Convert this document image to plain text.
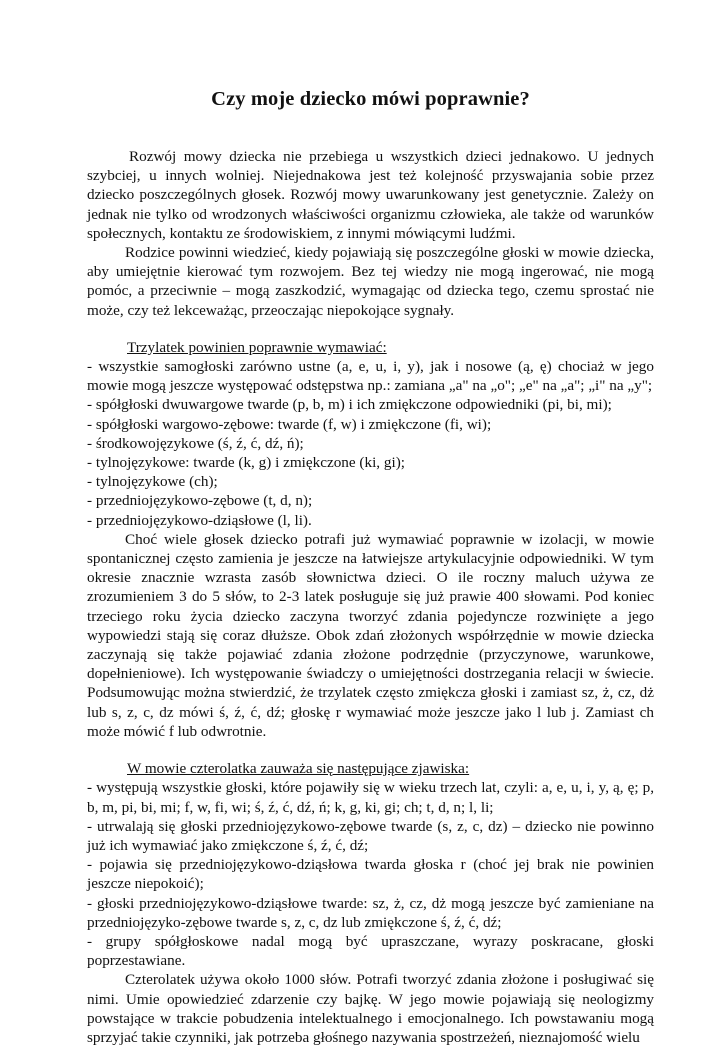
Czy moje dziecko mówi poprawnie?

Rozwój mowy dziecka nie przebiega u wszystkich dzieci jednakowo. U jednych szybciej, u innych wolniej. Niejednakowa jest też kolejność przyswajania sobie przez dziecko poszczególnych głosek. Rozwój mowy uwarunkowany jest genetycznie. Zależy on jednak nie tylko od wrodzonych właściwości organizmu człowieka, ale także od warunków społecznych, kontaktu ze środowiskiem, z innymi mówiącymi ludźmi.

Rodzice powinni wiedzieć, kiedy pojawiają się poszczególne głoski w mowie dziecka, aby umiejętnie kierować tym rozwojem. Bez tej wiedzy nie mogą ingerować, nie mogą pomóc, a przeciwnie – mogą zaszkodzić, wymagając od dziecka tego, czemu sprostać nie może, czy też lekceważąc, przeoczając niepokojące sygnały.

Trzylatek powinien poprawnie wymawiać:

- wszystkie samogłoski zarówno ustne (a, e, u, i, y), jak i nosowe (ą, ę) chociaż w jego mowie mogą jeszcze występować odstępstwa np.: zamiana „a" na „o"; „e" na „a"; „i" na „y";

- spółgłoski dwuwargowe twarde (p, b, m) i ich zmiękczone odpowiedniki (pi, bi, mi);

- spółgłoski wargowo-zębowe: twarde (f, w) i zmiękczone (fi, wi);

- środkowojęzykowe (ś, ź, ć, dź, ń);

- tylnojęzykowe: twarde (k, g) i zmiękczone (ki, gi);

- tylnojęzykowe (ch);

- przedniojęzykowo-zębowe (t, d, n);

- przedniojęzykowo-dziąsłowe (l, li).

Choć wiele głosek dziecko potrafi już wymawiać poprawnie w izolacji, w mowie spontanicznej często zamienia je jeszcze na łatwiejsze artykulacyjnie odpowiedniki. W tym okresie znacznie wzrasta zasób słownictwa dzieci. O ile roczny maluch używa ze zrozumieniem 3 do 5 słów, to 2-3 latek posługuje się już prawie 400 słowami. Pod koniec trzeciego roku życia dziecko zaczyna tworzyć zdania pojedyncze rozwinięte a jego wypowiedzi stają się coraz dłuższe. Obok zdań złożonych współrzędnie w mowie dziecka zaczynają się także pojawiać zdania złożone podrzędnie (przyczynowe, warunkowe, dopełnieniowe). Ich występowanie świadczy o umiejętności dostrzegania relacji w świecie. Podsumowując można stwierdzić, że trzylatek często zmiękcza głoski i zamiast sz, ż, cz, dż lub s, z, c, dz mówi ś, ź, ć, dź; głoskę r wymawiać może jeszcze jako l lub j. Zamiast ch może mówić f lub odwrotnie.

W mowie czterolatka zauważa się następujące zjawiska:

- występują wszystkie głoski, które pojawiły się w wieku trzech lat, czyli: a, e, u, i, y, ą, ę; p, b, m, pi, bi, mi; f, w, fi, wi; ś, ź, ć, dź, ń; k, g, ki, gi; ch; t, d, n; l, li;

- utrwalają się głoski przedniojęzykowo-zębowe twarde (s, z, c, dz) – dziecko nie powinno już ich wymawiać jako zmiękczone ś, ź, ć, dź;

- pojawia się przedniojęzykowo-dziąsłowa twarda głoska r (choć jej brak nie powinien jeszcze niepokoić);

- głoski przedniojęzykowo-dziąsłowe twarde: sz, ż, cz, dż mogą jeszcze być zamieniane na przedniojęzyko-zębowe twarde s, z, c, dz lub zmiękczone ś, ź, ć, dź;

- grupy spółgłoskowe nadal mogą być upraszczane, wyrazy poskracane, głoski poprzestawiane.

Czterolatek używa około 1000 słów. Potrafi tworzyć zdania złożone i posługiwać się nimi. Umie opowiedzieć zdarzenie czy bajkę. W jego mowie pojawiają się neologizmy powstające w trakcie pobudzenia intelektualnego i emocjonalnego. Ich powstawaniu mogą sprzyjać takie czynniki, jak potrzeba głośnego nazywania spostrzeżeń, nieznajomość wielu
